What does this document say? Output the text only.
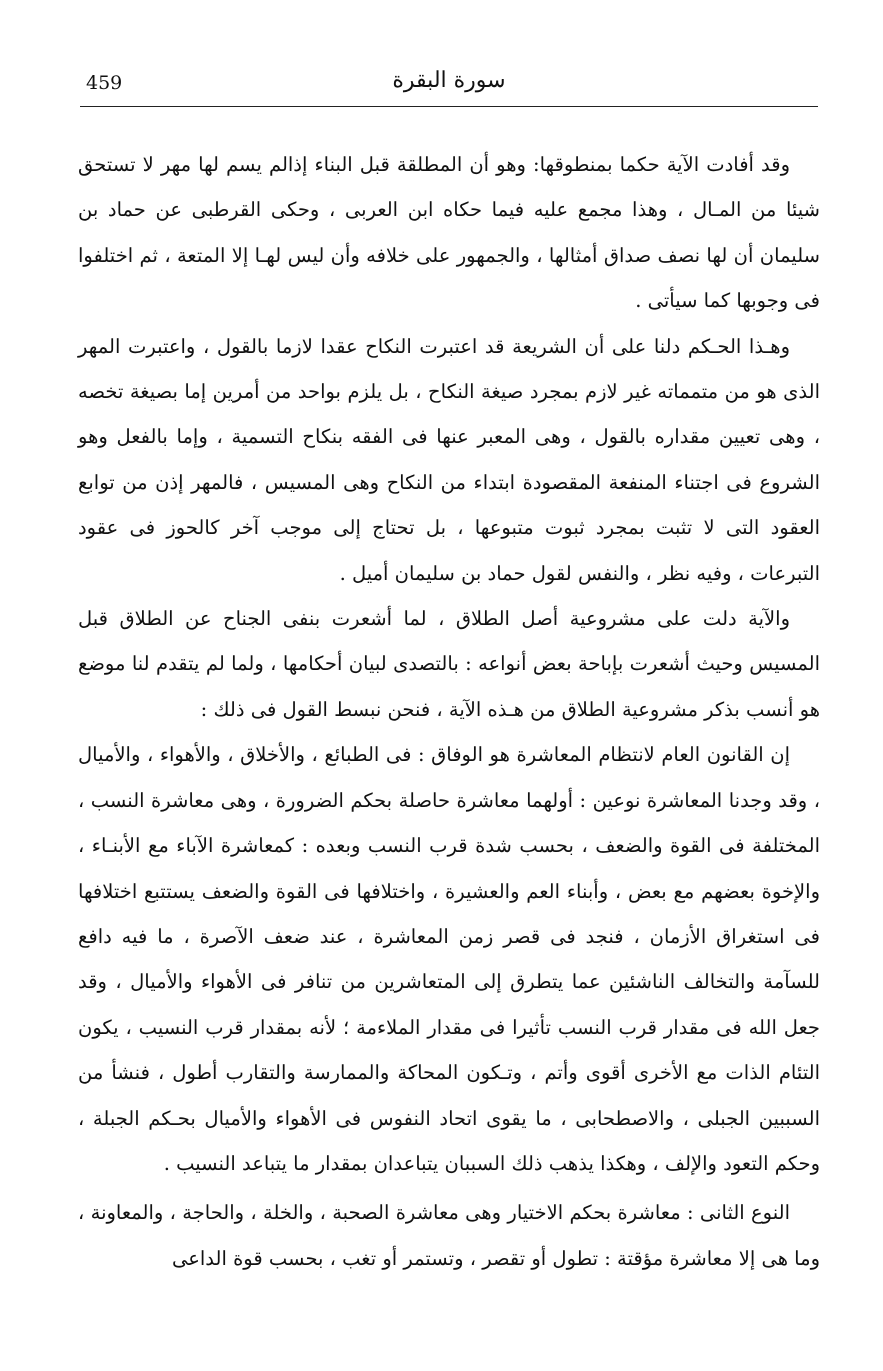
459	سورة البقرة

وقد أفادت الآية حكما بمنطوقها: وهو أن المطلقة قبل البناء إذالم يسم لها مهر لا تستحق شيئا من المـال ، وهذا مجمع عليه فيما حكاه ابن العربى ، وحكى القرطبى عن حماد بن سليمان أن لها نصف صداق أمثالها ، والجمهور على خلافه وأن ليس لهـا إلا المتعة ، ثم اختلفوا فى وجوبها كما سيأتى .

وهـذا الحـكم دلنا على أن الشريعة قد اعتبرت النكاح عقدا لازما بالقول ، واعتبرت المهر الذى هو من متمماته غير لازم بمجرد صيغة النكاح ، بل يلزم بواحد من أمرين إما بصيغة تخصه ، وهى تعيين مقداره بالقول ، وهى المعبر عنها فى الفقه بنكاح التسمية ، وإما بالفعل وهو الشروع فى اجتناء المنفعة المقصودة ابتداء من النكاح وهى المسيس ، فالمهر إذن من توابع العقود التى لا تثبت بمجرد ثبوت متبوعها ، بل تحتاج إلى موجب آخر كالحوز فى عقود التبرعات ، وفيه نظر ، والنفس لقول حماد بن سليمان أميل .

والآية دلت على مشروعية أصل الطلاق ، لما أشعرت بنفى الجناح عن الطلاق قبل المسيس وحيث أشعرت بإباحة بعض أنواعه : بالتصدى لبيان أحكامها ، ولما لم يتقدم لنا موضع هو أنسب بذكر مشروعية الطلاق من هـذه الآية ، فنحن نبسط القول فى ذلك :

إن القانون العام لانتظام المعاشرة هو الوفاق : فى الطبائع ، والأخلاق ، والأهواء ، والأميال ، وقد وجدنا المعاشرة نوعين : أولهما معاشرة حاصلة بحكم الضرورة ، وهى معاشرة النسب ، المختلفة فى القوة والضعف ، بحسب شدة قرب النسب وبعده : كمعاشرة الآباء مع الأبنـاء ، والإخوة بعضهم مع بعض ، وأبناء العم والعشيرة ، واختلافها فى القوة والضعف يستتبع اختلافها فى استغراق الأزمان ، فنجد فى قصر زمن المعاشرة ، عند ضعف الآصرة ، ما فيه دافع للسآمة والتخالف الناشئين عما يتطرق إلى المتعاشرين من تنافر فى الأهواء والأميال ، وقد جعل الله فى مقدار قرب النسب تأثيرا فى مقدار الملاءمة ؛ لأنه بمقدار قرب النسيب ، يكون التئام الذات مع الأخرى أقوى وأتم ، وتـكون المحاكة والممارسة والتقارب أطول ، فنشأ من السببين الجبلى ، والاصطحابى ، ما يقوى اتحاد النفوس فى الأهواء والأميال بحـكم الجبلة ، وحكم التعود والإلف ، وهكذا يذهب ذلك السببان يتباعدان بمقدار ما يتباعد النسيب .

النوع الثانى : معاشرة بحكم الاختيار وهى معاشرة الصحبة ، والخلة ، والحاجة ، والمعاونة ، وما هى إلا معاشرة مؤقتة : تطول أو تقصر ، وتستمر أو تغب ، بحسب قوة الداعى
